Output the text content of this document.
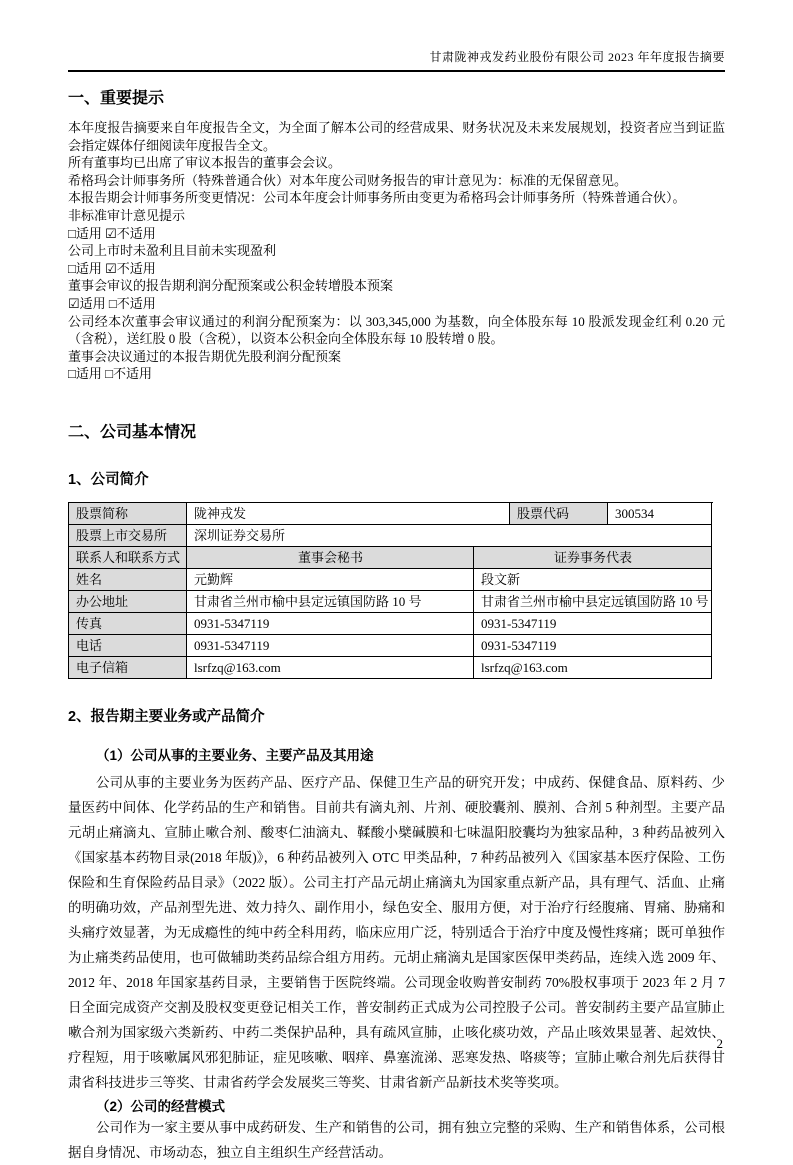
甘肃陇神戎发药业股份有限公司 2023 年年度报告摘要
一、重要提示

本年度报告摘要来自年度报告全文，为全面了解本公司的经营成果、财务状况及未来发展规划，投资者应当到证监会指定媒体仔细阅读年度报告全文。

所有董事均已出席了审议本报告的董事会会议。

希格玛会计师事务所（特殊普通合伙）对本年度公司财务报告的审计意见为：标准的无保留意见。

本报告期会计师事务所变更情况：公司本年度会计师事务所由变更为希格玛会计师事务所（特殊普通合伙）。

非标准审计意见提示

□适用 ☑不适用

公司上市时未盈利且目前未实现盈利

□适用 ☑不适用

董事会审议的报告期利润分配预案或公积金转增股本预案

☑适用 □不适用

公司经本次董事会审议通过的利润分配预案为：以 303,345,000 为基数，向全体股东每 10 股派发现金红利 0.20 元（含税），送红股 0 股（含税），以资本公积金向全体股东每 10 股转增 0 股。

董事会决议通过的本报告期优先股利润分配预案

□适用 □不适用

二、公司基本情况
1、公司简介
股票简称	陇神戎发	股票代码	300534
股票上市交易所	深圳证券交易所
联系人和联系方式	董事会秘书	证券事务代表
姓名	元勤辉	段文新
办公地址	甘肃省兰州市榆中县定远镇国防路 10 号	甘肃省兰州市榆中县定远镇国防路 10 号
传真	0931-5347119	0931-5347119
电话	0931-5347119	0931-5347119
电子信箱	lsrfzq@163.com	lsrfzq@163.com
2、报告期主要业务或产品简介
（1）公司从事的主要业务、主要产品及其用途

公司从事的主要业务为医药产品、医疗产品、保健卫生产品的研究开发；中成药、保健食品、原料药、少量医药中间体、化学药品的生产和销售。目前共有滴丸剂、片剂、硬胶囊剂、膜剂、合剂 5 种剂型。主要产品元胡止痛滴丸、宣肺止嗽合剂、酸枣仁油滴丸、鞣酸小檗碱膜和七味温阳胶囊均为独家品种，3 种药品被列入《国家基本药物目录(2018 年版)》，6 种药品被列入 OTC 甲类品种，7 种药品被列入《国家基本医疗保险、工伤保险和生育保险药品目录》（2022 版）。公司主打产品元胡止痛滴丸为国家重点新产品，具有理气、活血、止痛的明确功效，产品剂型先进、效力持久、副作用小，绿色安全、服用方便，对于治疗行经腹痛、胃痛、胁痛和头痛疗效显著，为无成瘾性的纯中药全科用药，临床应用广泛，特别适合于治疗中度及慢性疼痛；既可单独作为止痛类药品使用，也可做辅助类药品综合组方用药。元胡止痛滴丸是国家医保甲类药品，连续入选 2009 年、2012 年、2018 年国家基药目录，主要销售于医院终端。公司现金收购普安制药 70%股权事项于 2023 年 2 月 7 日全面完成资产交割及股权变更登记相关工作，普安制药正式成为公司控股子公司。普安制药主要产品宣肺止嗽合剂为国家级六类新药、中药二类保护品种，具有疏风宣肺，止咳化痰功效，产品止咳效果显著、起效快、疗程短，用于咳嗽属风邪犯肺证，症见咳嗽、咽痒、鼻塞流涕、恶寒发热、咯痰等；宣肺止嗽合剂先后获得甘肃省科技进步三等奖、甘肃省药学会发展奖三等奖、甘肃省新产品新技术奖等奖项。

（2）公司的经营模式

公司作为一家主要从事中成药研发、生产和销售的公司，拥有独立完整的采购、生产和销售体系，公司根据自身情况、市场动态，独立自主组织生产经营活动。

2
